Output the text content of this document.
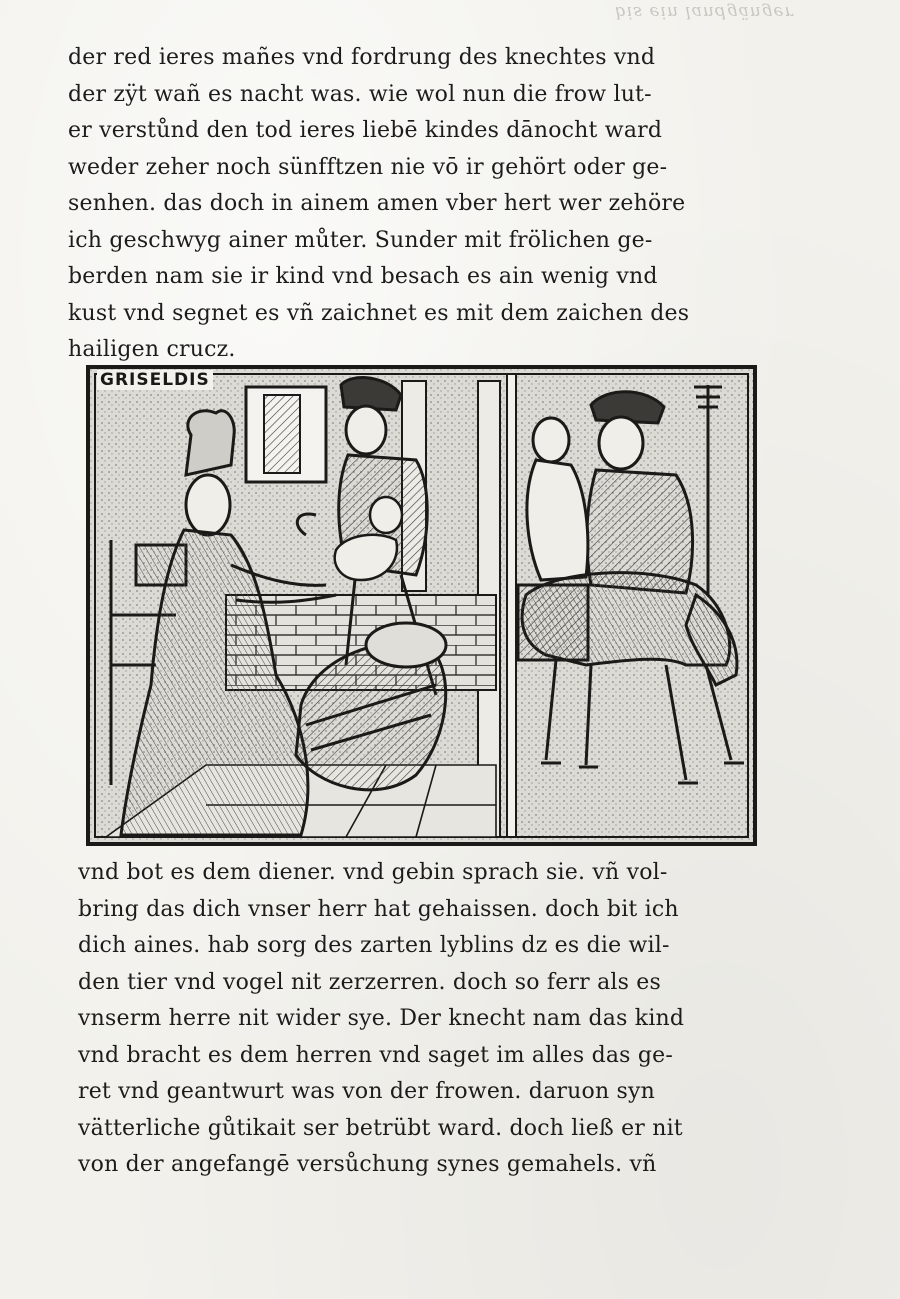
bis ein landgänger
der red ieres mañes vnd fordrung des knechtes vnd
der zÿt wañ es nacht was. wie wol nun die frow lut-
er verstůnd den tod ieres liebē kindes dānocht ward
weder zeher noch sünfftzen nie vō ir gehört oder ge-
senhen. das doch in ainem amen vber hert wer zehöre
ich geschwyg ainer můter. Sunder mit frölichen ge-
berden nam sie ir kind vnd besach es ain wenig vnd
kust vnd segnet es vñ zaichnet es mit dem zaichen des
hailigen crucz.
GRISELDIS
vnd bot es dem diener. vnd gebin sprach sie. vñ vol-
bring das dich vnser herr hat gehaissen. doch bit ich
dich aines. hab sorg des zarten lyblins dz es die wil-
den tier vnd vogel nit zerzerren. doch so ferr als es
vnserm herre nit wider sye. Der knecht nam das kind
vnd bracht es dem herren vnd saget im alles das ge-
ret vnd geantwurt was von der frowen. daruon syn
vätterliche gůtikait ser betrübt ward. doch ließ er nit
von der angefangē versůchung synes gemahels. vñ
